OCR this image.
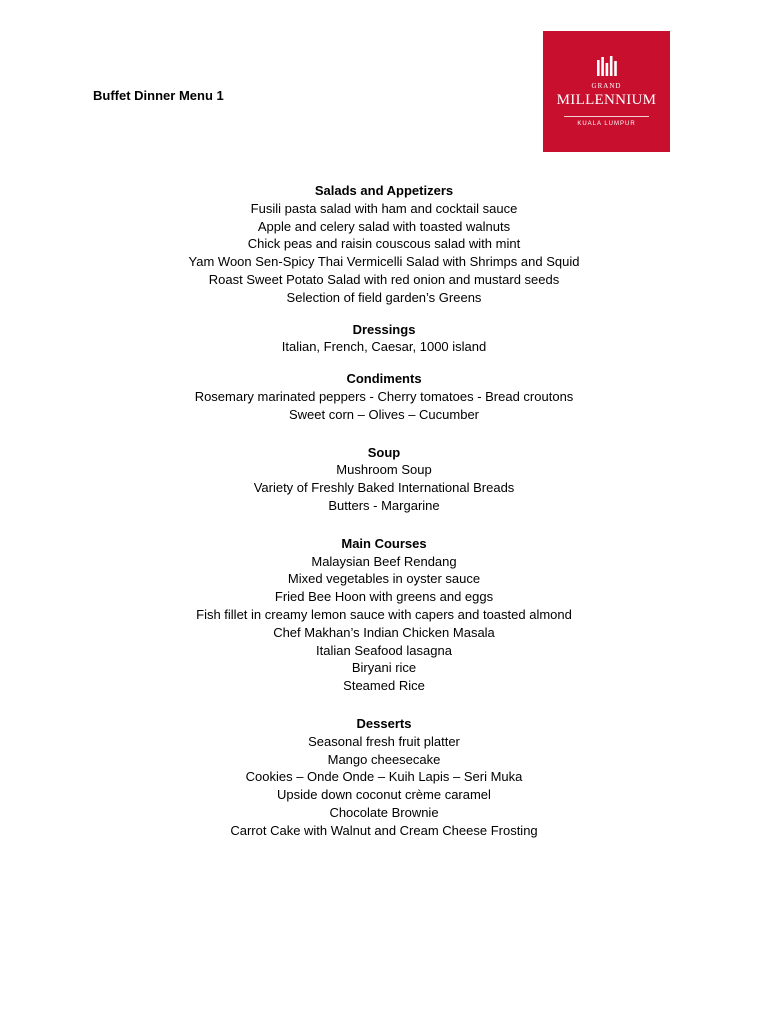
Buffet Dinner Menu 1
GRAND
MILLENNIUM
KUALA LUMPUR
Salads and Appetizers
Fusili pasta salad with ham and cocktail sauce
Apple and celery salad with toasted walnuts
Chick peas and raisin couscous salad with mint
Yam Woon Sen-Spicy Thai Vermicelli Salad with Shrimps and Squid
Roast Sweet Potato Salad with red onion and mustard seeds
Selection of field garden’s Greens
Dressings
Italian, French, Caesar, 1000 island
Condiments
Rosemary marinated peppers - Cherry tomatoes - Bread croutons
Sweet corn – Olives – Cucumber
Soup
Mushroom Soup
Variety of Freshly Baked International Breads
Butters - Margarine
Main Courses
Malaysian Beef Rendang
Mixed vegetables in oyster sauce
Fried Bee Hoon with greens and eggs
Fish fillet in creamy lemon sauce with capers and toasted almond
Chef Makhan’s Indian Chicken Masala
Italian Seafood lasagna
Biryani rice
Steamed Rice
Desserts
Seasonal fresh fruit platter
Mango cheesecake
Cookies – Onde Onde – Kuih Lapis – Seri Muka
Upside down coconut crème caramel
Chocolate Brownie
Carrot Cake with Walnut and Cream Cheese Frosting
